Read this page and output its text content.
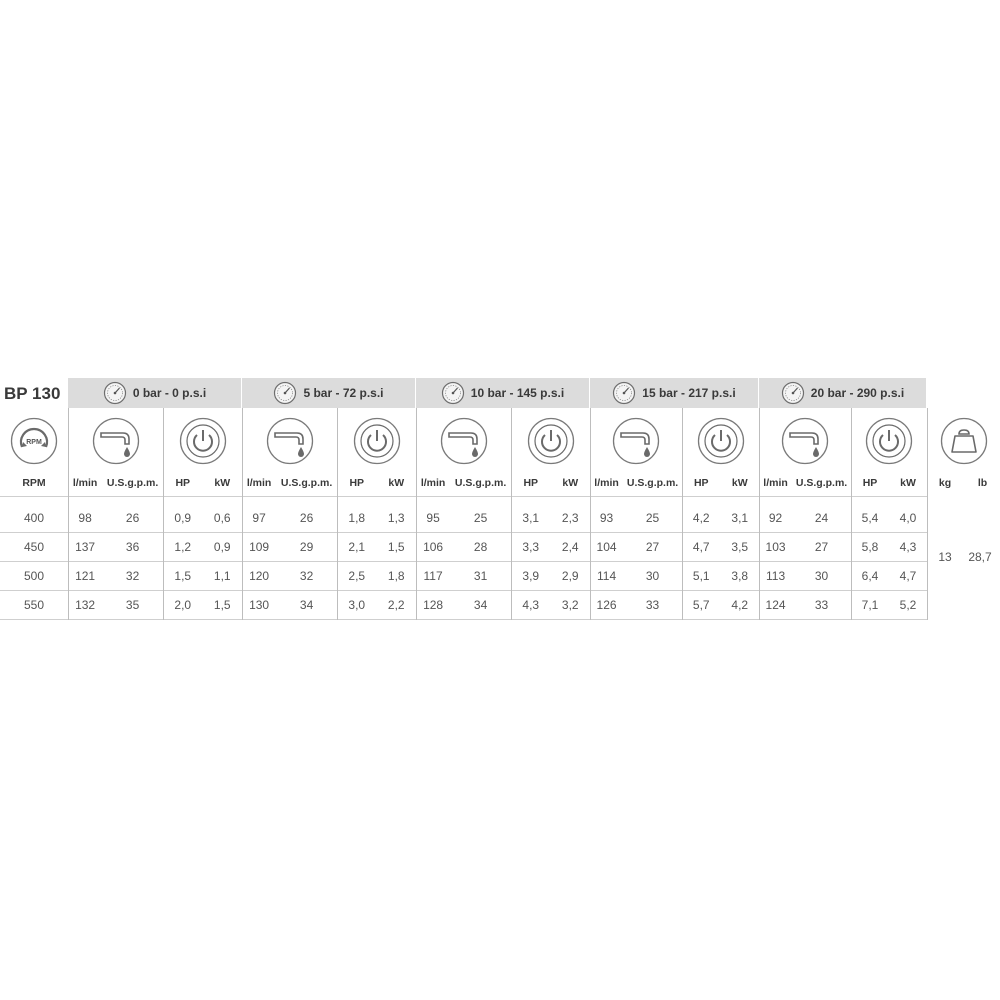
BP 130	0 bar - 0 p.s.i	5 bar - 72 p.s.i	10 bar - 145 p.s.i	15 bar - 217 p.s.i	20 bar - 290 p.s.i
RPM
RPM	l/min U.S.g.p.m.	HP	kW	l/min U.S.g.p.m.	HP	kW	l/min U.S.g.p.m.	HP	kW	l/min U.S.g.p.m.	HP	kW	l/min U.S.g.p.m.	HP	kW	kg	lb
400	98	26	0,9	0,6	97	26	1,8	1,3	95	25	3,1	2,3	93	25	4,2	3,1	92	24	5,4	4,0
450	137	36	1,2	0,9	109	29	2,1	1,5	106	28	3,3	2,4	104	27	4,7	3,5	103	27	5,8	4,3
500	121	32	1,5	1,1	120	32	2,5	1,8	117	31	3,9	2,9	114	30	5,1	3,8	113	30	6,4	4,7
550	132	35	2,0	1,5	130	34	3,0	2,2	128	34	4,3	3,2	126	33	5,7	4,2	124	33	7,1	5,2
13	28,7
